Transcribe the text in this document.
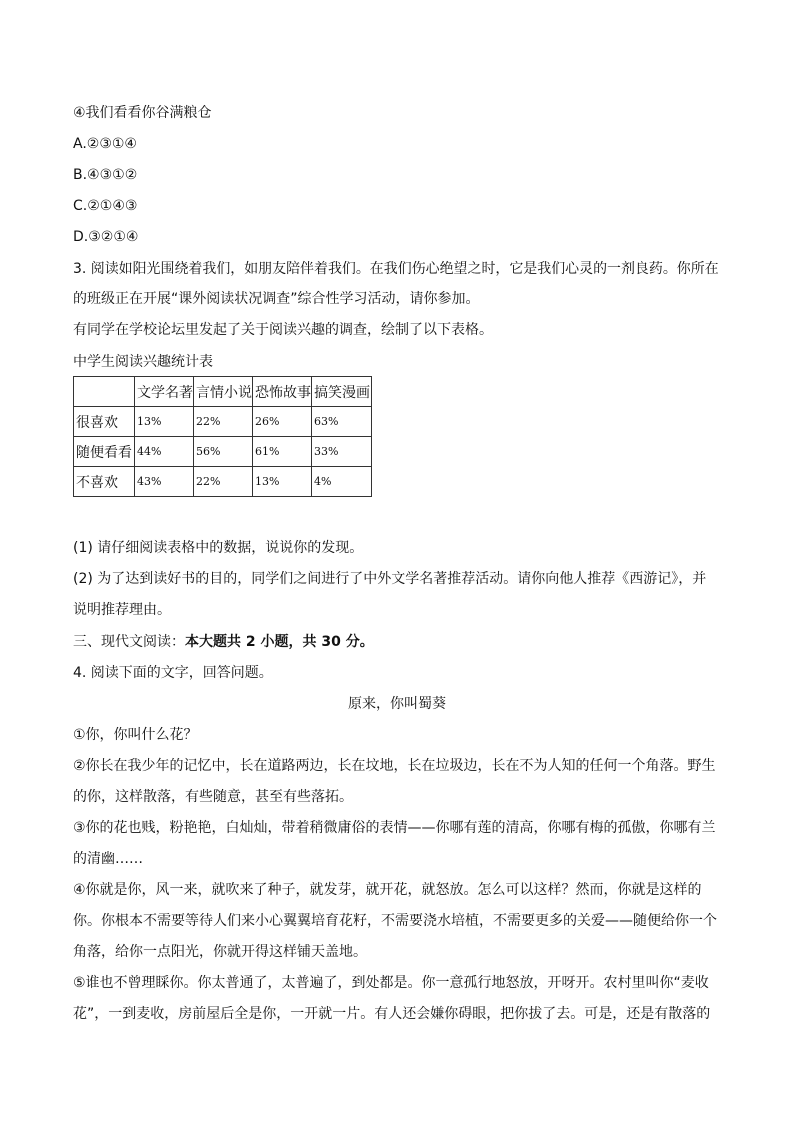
④我们看看你谷满粮仓
A.②③①④
B.④③①②
C.②①④③
D.③②①④
3. 阅读如阳光围绕着我们，如朋友陪伴着我们。在我们伤心绝望之时，它是我们心灵的一剂良药。你所在
的班级正在开展“课外阅读状况调查”综合性学习活动，请你参加。
有同学在学校论坛里发起了关于阅读兴趣的调查，绘制了以下表格。
中学生阅读兴趣统计表
	文学名著	言情小说	恐怖故事	搞笑漫画
很喜欢	13%	22%	26%	63%
随便看看	44%	56%	61%	33%
不喜欢	43%	22%	13%	4%
(1) 请仔细阅读表格中的数据，说说你的发现。
(2) 为了达到读好书的目的，同学们之间进行了中外文学名著推荐活动。请你向他人推荐《西游记》，并
说明推荐理由。
三、现代文阅读：本大题共 2 小题，共 30 分。
4. 阅读下面的文字，回答问题。
原来，你叫蜀葵
①你，你叫什么花？
②你长在我少年的记忆中，长在道路两边，长在坟地，长在垃圾边，长在不为人知的任何一个角落。野生
的你，这样散落，有些随意，甚至有些落拓。
③你的花也贱，粉艳艳，白灿灿，带着稍微庸俗的表情——你哪有莲的清高，你哪有梅的孤傲，你哪有兰
的清幽……
④你就是你，风一来，就吹来了种子，就发芽，就开花，就怒放。怎么可以这样？然而，你就是这样的
你。你根本不需要等待人们来小心翼翼培育花籽，不需要浇水培植，不需要更多的关爱——随便给你一个
角落，给你一点阳光，你就开得这样铺天盖地。
⑤谁也不曾理睬你。你太普通了，太普遍了，到处都是。你一意孤行地怒放，开呀开。农村里叫你“麦收
花”，一到麦收，房前屋后全是你，一开就一片。有人还会嫌你碍眼，把你拔了去。可是，还是有散落的
